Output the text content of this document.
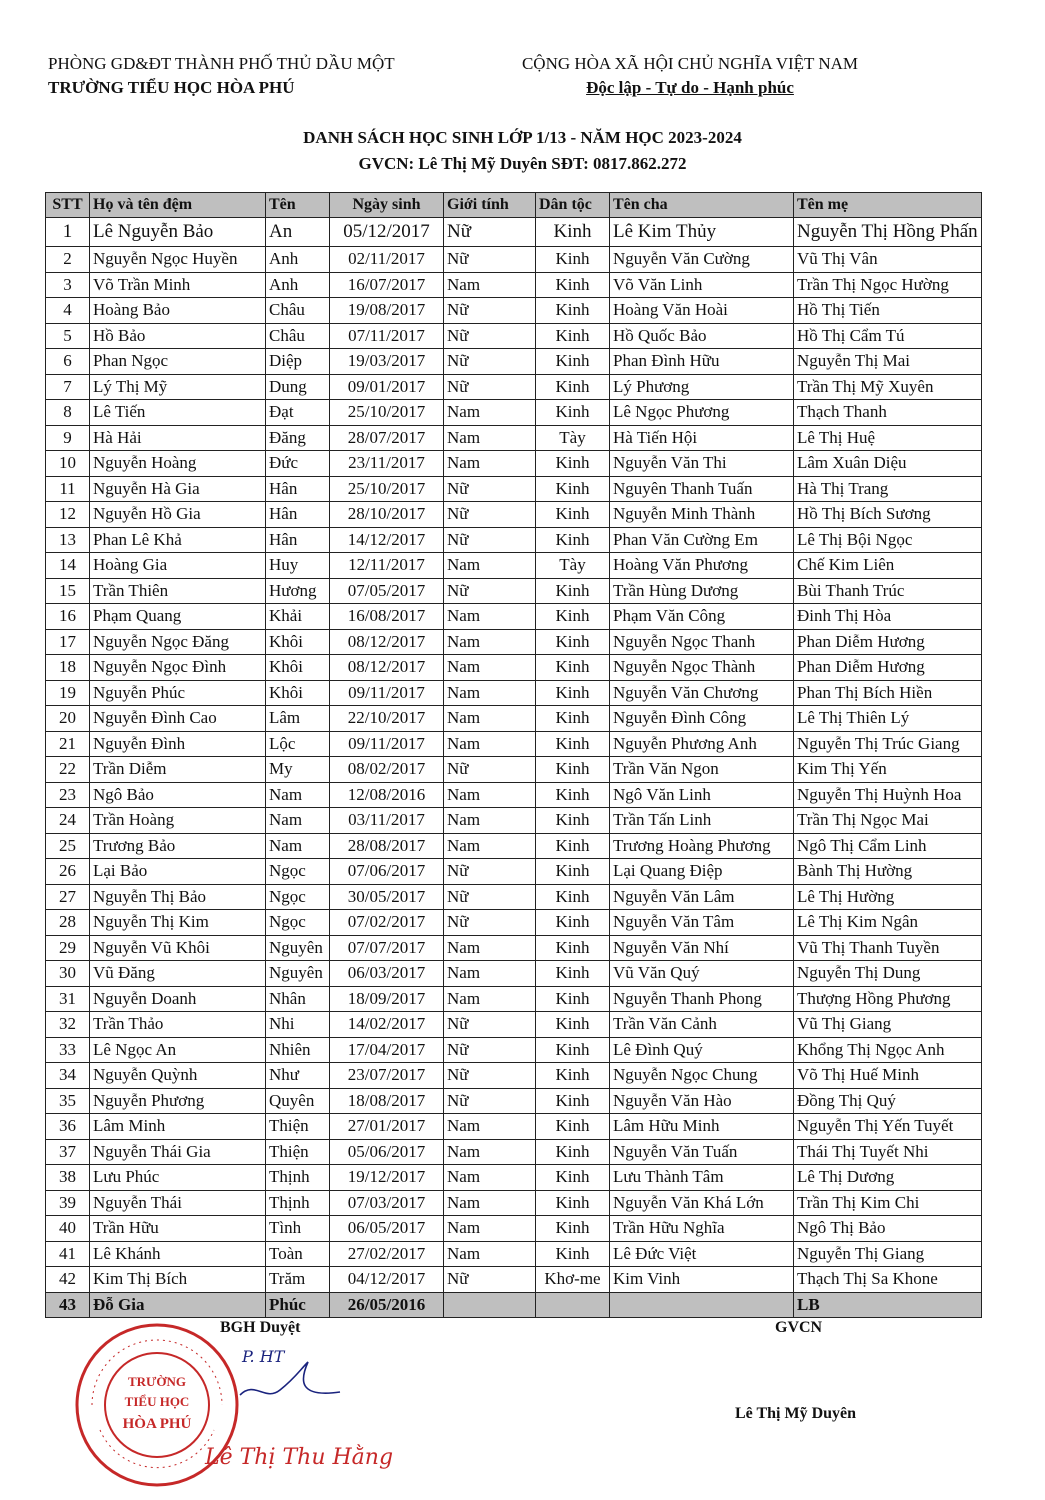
PHÒNG GD&ĐT THÀNH PHỐ THỦ DẦU MỘT
TRƯỜNG TIỂU HỌC HÒA PHÚ
CỘNG HÒA XÃ HỘI CHỦ NGHĨA VIỆT NAM
Độc lập - Tự do - Hạnh phúc
DANH SÁCH HỌC SINH LỚP 1/13 - NĂM HỌC 2023-2024
GVCN: Lê Thị Mỹ Duyên SĐT: 0817.862.272
STT	Họ và tên đệm	Tên	Ngày sinh	Giới tính	Dân tộc	Tên cha	Tên mẹ
1	Lê Nguyễn Bảo	An	05/12/2017	Nữ	Kinh	Lê Kim Thủy	Nguyễn Thị Hồng Phấn
2	Nguyễn Ngọc Huyền	Anh	02/11/2017	Nữ	Kinh	Nguyễn Văn Cường	Vũ Thị Vân
3	Võ Trần Minh	Anh	16/07/2017	Nam	Kinh	Võ Văn Linh	Trần Thị Ngọc Hường
4	Hoàng Bảo	Châu	19/08/2017	Nữ	Kinh	Hoàng Văn Hoài	Hồ Thị Tiến
5	Hồ Bảo	Châu	07/11/2017	Nữ	Kinh	Hồ Quốc Bảo	Hồ Thị Cẩm Tú
6	Phan Ngọc	Diệp	19/03/2017	Nữ	Kinh	Phan Đình Hữu	Nguyễn Thị Mai
7	Lý Thị Mỹ	Dung	09/01/2017	Nữ	Kinh	Lý Phương	Trần Thị Mỹ Xuyên
8	Lê Tiến	Đạt	25/10/2017	Nam	Kinh	Lê Ngọc Phương	Thạch Thanh
9	Hà Hải	Đăng	28/07/2017	Nam	Tày	Hà Tiến Hội	Lê Thị Huệ
10	Nguyễn Hoàng	Đức	23/11/2017	Nam	Kinh	Nguyễn Văn Thi	Lâm Xuân Diệu
11	Nguyễn Hà Gia	Hân	25/10/2017	Nữ	Kinh	Nguyên Thanh Tuấn	Hà Thị Trang
12	Nguyễn Hồ Gia	Hân	28/10/2017	Nữ	Kinh	Nguyễn Minh Thành	Hồ Thị Bích Sương
13	Phan Lê Khả	Hân	14/12/2017	Nữ	Kinh	Phan Văn Cường Em	Lê Thị Bội Ngọc
14	Hoàng Gia	Huy	12/11/2017	Nam	Tày	Hoàng Văn Phương	Chế Kim Liên
15	Trần Thiên	Hương	07/05/2017	Nữ	Kinh	Trần Hùng Dương	Bùi Thanh Trúc
16	Phạm Quang	Khải	16/08/2017	Nam	Kinh	Phạm Văn Công	Đinh Thị Hòa
17	Nguyễn Ngọc Đăng	Khôi	08/12/2017	Nam	Kinh	Nguyễn Ngọc Thanh	Phan Diễm Hương
18	Nguyễn Ngọc Đình	Khôi	08/12/2017	Nam	Kinh	Nguyễn Ngọc Thành	Phan Diễm Hương
19	Nguyễn Phúc	Khôi	09/11/2017	Nam	Kinh	Nguyễn Văn Chương	Phan Thị Bích Hiền
20	Nguyễn Đình Cao	Lâm	22/10/2017	Nam	Kinh	Nguyễn Đình Công	Lê Thị Thiên Lý
21	Nguyễn Đình	Lộc	09/11/2017	Nam	Kinh	Nguyễn Phương Anh	Nguyễn Thị Trúc Giang
22	Trần Diễm	My	08/02/2017	Nữ	Kinh	Trần Văn Ngon	Kim Thị Yến
23	Ngô Bảo	Nam	12/08/2016	Nam	Kinh	Ngô Văn Linh	Nguyễn Thị Huỳnh Hoa
24	Trần Hoàng	Nam	03/11/2017	Nam	Kinh	Trần Tấn Linh	Trần Thị Ngọc Mai
25	Trương Bảo	Nam	28/08/2017	Nam	Kinh	Trương Hoàng Phương	Ngô Thị Cẩm Linh
26	Lại Bảo	Ngọc	07/06/2017	Nữ	Kinh	Lại Quang Điệp	Bành Thị Hường
27	Nguyễn Thị Bảo	Ngọc	30/05/2017	Nữ	Kinh	Nguyễn Văn Lâm	Lê Thị Hường
28	Nguyễn Thị Kim	Ngọc	07/02/2017	Nữ	Kinh	Nguyễn Văn Tâm	Lê Thị Kim Ngân
29	Nguyễn Vũ Khôi	Nguyên	07/07/2017	Nam	Kinh	Nguyễn Văn Nhí	Vũ Thị Thanh Tuyền
30	Vũ Đăng	Nguyên	06/03/2017	Nam	Kinh	Vũ Văn Quý	Nguyễn Thị Dung
31	Nguyễn Doanh	Nhân	18/09/2017	Nam	Kinh	Nguyễn Thanh Phong	Thượng Hồng Phương
32	Trần Thảo	Nhi	14/02/2017	Nữ	Kinh	Trần Văn Cảnh	Vũ Thị Giang
33	Lê Ngọc An	Nhiên	17/04/2017	Nữ	Kinh	Lê Đình Quý	Khổng Thị Ngọc Anh
34	Nguyễn Quỳnh	Như	23/07/2017	Nữ	Kinh	Nguyễn Ngọc Chung	Võ Thị Huế Minh
35	Nguyễn Phương	Quyên	18/08/2017	Nữ	Kinh	Nguyễn Văn Hào	Đồng Thị Quý
36	Lâm Minh	Thiện	27/01/2017	Nam	Kinh	Lâm Hữu Minh	Nguyễn Thị Yến Tuyết
37	Nguyễn Thái Gia	Thiện	05/06/2017	Nam	Kinh	Nguyễn Văn Tuấn	Thái Thị Tuyết Nhi
38	Lưu Phúc	Thịnh	19/12/2017	Nam	Kinh	Lưu Thành Tâm	Lê Thị Dương
39	Nguyễn Thái	Thịnh	07/03/2017	Nam	Kinh	Nguyễn Văn Khá Lớn	Trần Thị Kim Chi
40	Trần Hữu	Tình	06/05/2017	Nam	Kinh	Trần Hữu Nghĩa	Ngô Thị Bảo
41	Lê Khánh	Toàn	27/02/2017	Nam	Kinh	Lê Đức Việt	Nguyễn Thị Giang
42	Kim Thị Bích	Trăm	04/12/2017	Nữ	Khơ-me	Kim Vinh	Thạch Thị Sa Khone
43	Đỗ Gia	Phúc	26/05/2016				LB
BGH Duyệt	GVCN
Lê Thị Mỹ Duyên
TRƯỜNG
TIỂU HỌC
HÒA PHÚ
P. HT
Lê Thị Thu Hằng
